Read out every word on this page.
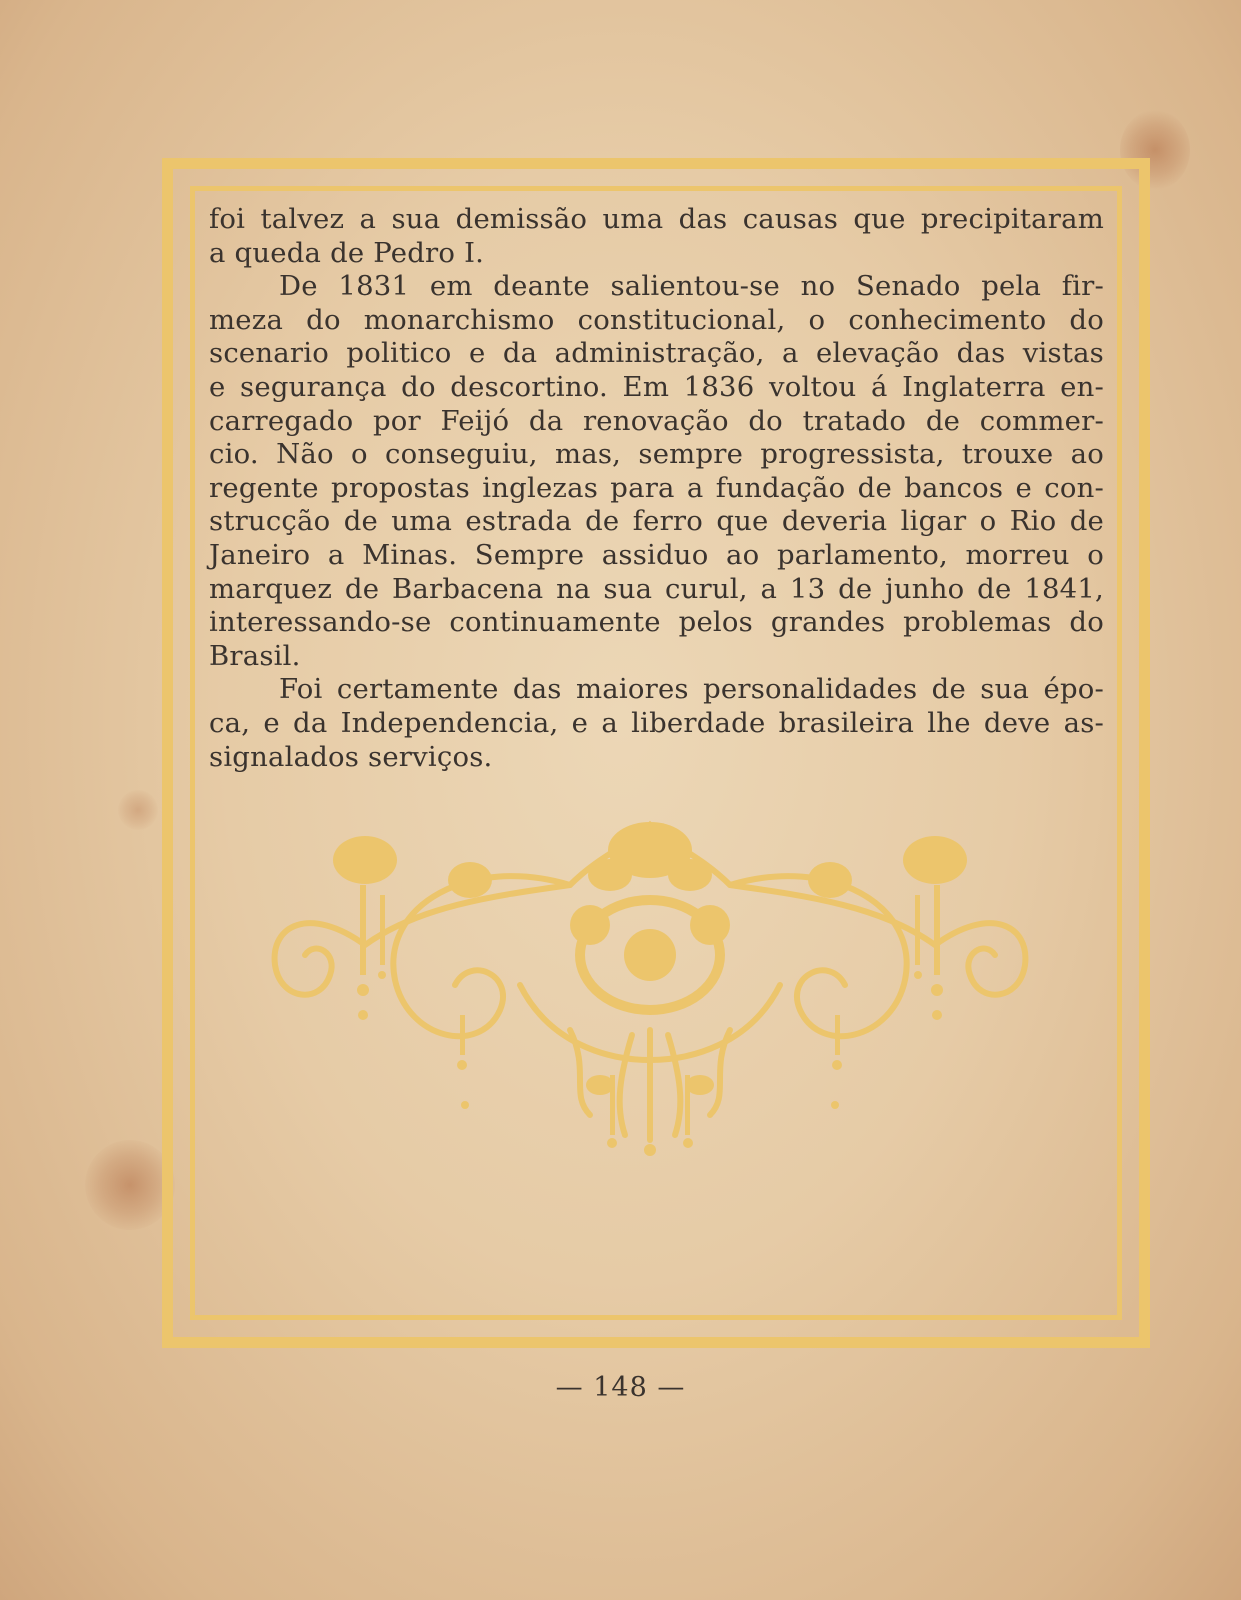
foi talvez a sua demissão uma das causas que precipitaram
a queda de Pedro I.
De 1831 em deante salientou-se no Senado pela fir-
meza do monarchismo constitucional, o conhecimento do
scenario politico e da administração, a elevação das vistas
e segurança do descortino. Em 1836 voltou á Inglaterra en-
carregado por Feijó da renovação do tratado de commer-
cio. Não o conseguiu, mas, sempre progressista, trouxe ao
regente propostas inglezas para a fundação de bancos e con-
strucção de uma estrada de ferro que deveria ligar o Rio de
Janeiro a Minas. Sempre assiduo ao parlamento, morreu o
marquez de Barbacena na sua curul, a 13 de junho de 1841,
interessando-se continuamente pelos grandes problemas do
Brasil.
Foi certamente das maiores personalidades de sua épo-
ca, e da Independencia, e a liberdade brasileira lhe deve as-
signalados serviços.
— 148 —
